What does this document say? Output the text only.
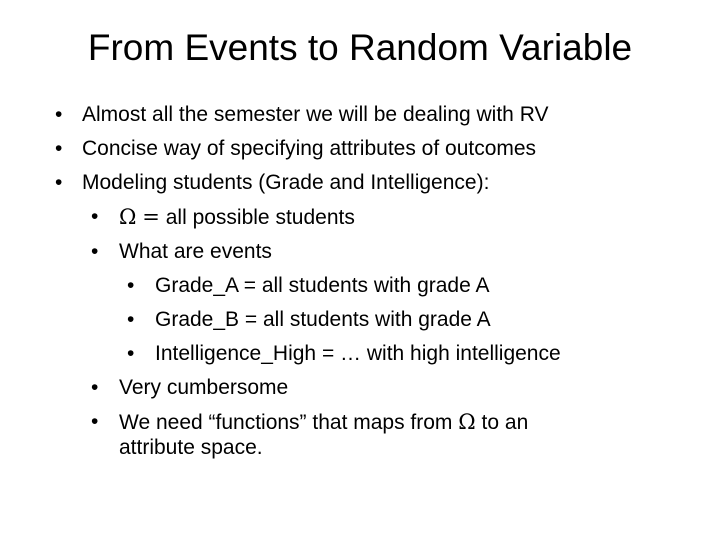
From Events to Random Variable
• Almost all the semester we will be dealing with RV
• Concise way of specifying attributes of outcomes
• Modeling students (Grade and Intelligence):
• Ω = all possible students
• What are events
• Grade_A = all students with grade A
• Grade_B = all students with grade A
• Intelligence_High = … with high intelligence
• Very cumbersome
• We need “functions” that maps from Ω to an
attribute space.
